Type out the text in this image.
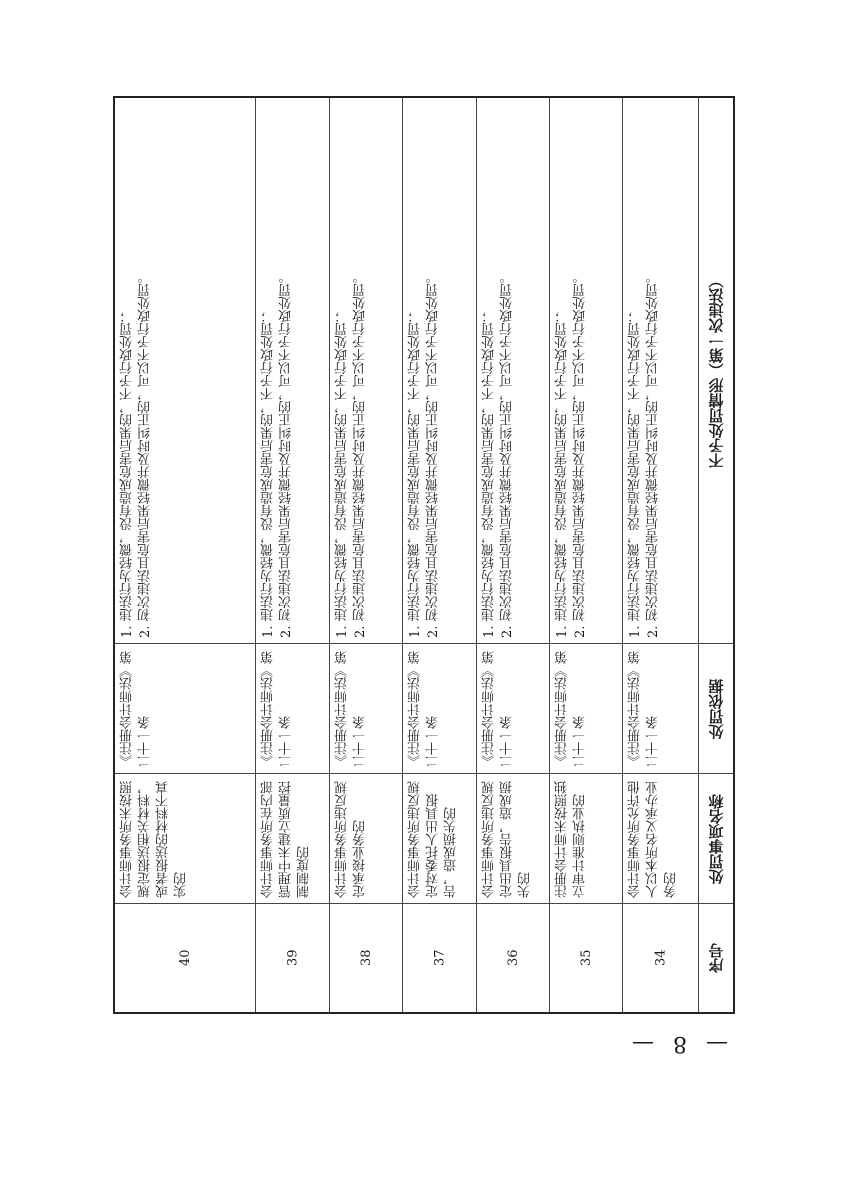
— 8 —
序号
处罚事项名称
处罚依据
不予处罚情形（第一次违法）
34
会计师事务所允许他人以本所名义承办业务的
《注册会计师法》第二十一条
1. 违法行为轻微，没有造成危害后果的，不予行政处罚； 2. 初次违法且危害后果轻微并及时纠正的，可以不予行政处罚。
35
注册会计师未按照独立审计准则执业的
《注册会计师法》第二十一条
1. 违法行为轻微，没有造成危害后果的，不予行政处罚； 2. 初次违法且危害后果轻微并及时纠正的，可以不予行政处罚。
36
会计师事务所违反规定出具报告，造成损失的
《注册会计师法》第二十一条
1. 违法行为轻微，没有造成危害后果的，不予行政处罚； 2. 初次违法且危害后果轻微并及时纠正的，可以不予行政处罚。
37
会计师事务所违反规定对委托人出具报告，造成损失的
《注册会计师法》第二十一条
1. 违法行为轻微，没有造成危害后果的，不予行政处罚； 2. 初次违法且危害后果轻微并及时纠正的，可以不予行政处罚。
38
会计师事务所违反规定承接业务的
《注册会计师法》第二十一条
1. 违法行为轻微，没有造成危害后果的，不予行政处罚； 2. 初次违法且危害后果轻微并及时纠正的，可以不予行政处罚。
39
会计师事务所在内部管理中未建立质量控制制度的
《注册会计师法》第二十一条
1. 违法行为轻微，没有造成危害后果的，不予行政处罚； 2. 初次违法且危害后果轻微并及时纠正的，可以不予行政处罚。
40
会计师事务所未按照规定报送相关材料，或者报送的材料不真实的
《注册会计师法》第二十一条
1. 违法行为轻微，没有造成危害后果的，不予行政处罚； 2. 初次违法且危害后果轻微并及时纠正的，可以不予行政处罚。
